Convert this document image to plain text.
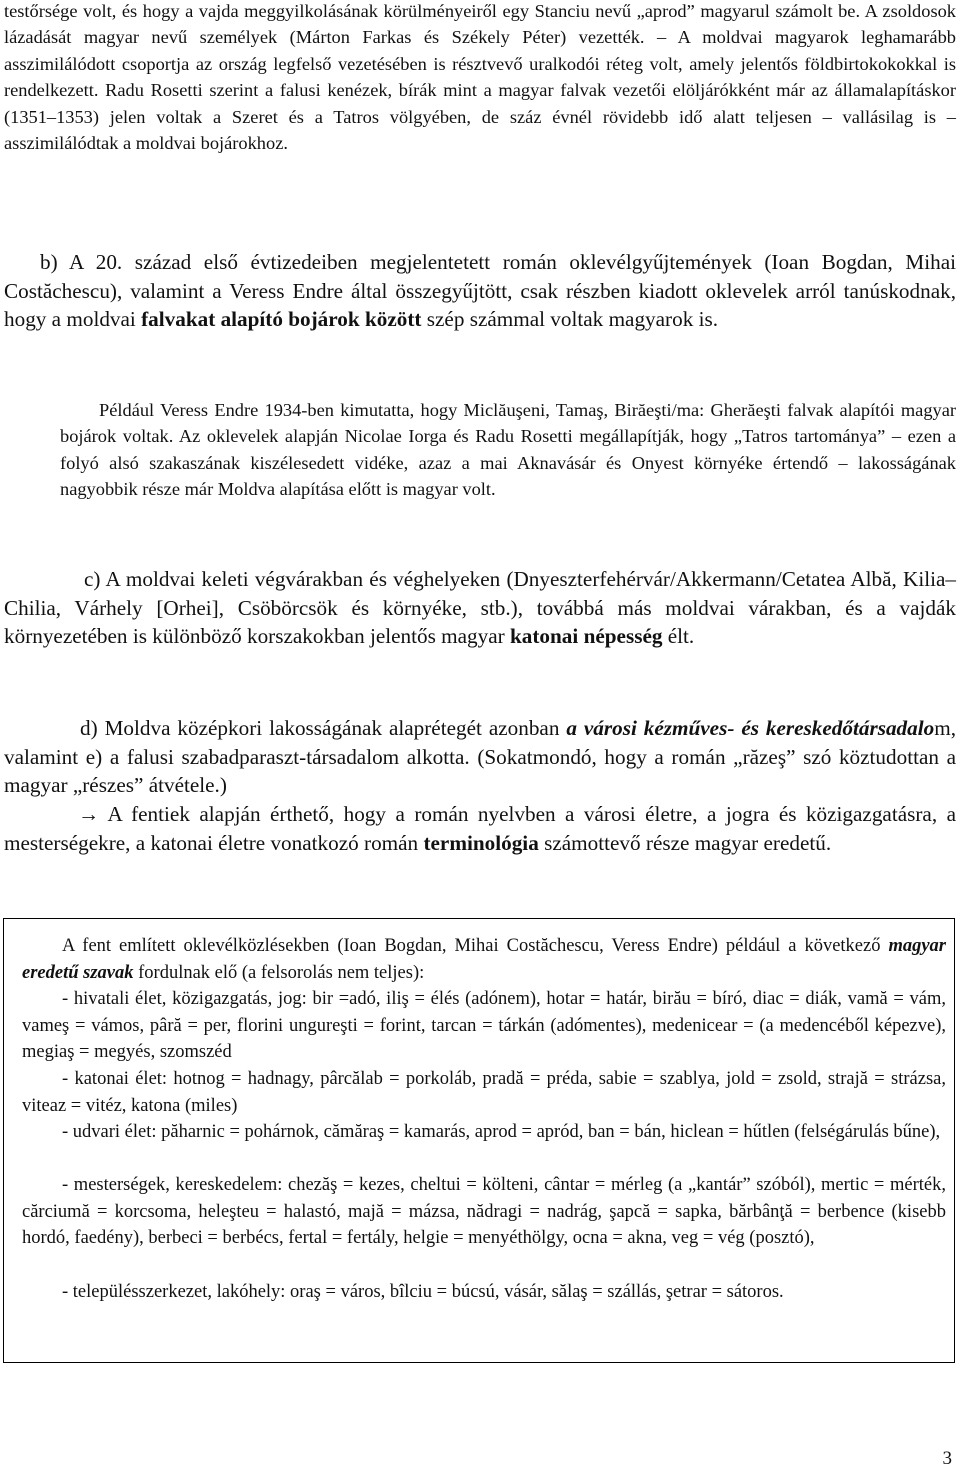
testőrsége volt, és hogy a vajda meggyilkolásának körülményeiről egy Stanciu nevű „aprod” magyarul számolt be. A zsoldosok lázadását magyar nevű személyek (Márton Farkas és Székely Péter) vezették. – A moldvai magyarok leghamarább asszimilálódott csoportja az ország legfelső vezetésében is résztvevő uralkodói réteg volt, amely jelentős földbirtokokokkal is rendelkezett. Radu Rosetti szerint a falusi kenézek, bírák mint a magyar falvak vezetői elöljárókként már az államalapításkor (1351–1353) jelen voltak a Szeret és a Tatros völgyében, de száz évnél rövidebb idő alatt teljesen – vallásilag is – asszimilálódtak a moldvai bojárokhoz.

b) A 20. század első évtizedeiben megjelentetett román oklevélgyűjtemények (Ioan Bogdan, Mihai Costăchescu), valamint a Veress Endre által összegyűjtött, csak részben kiadott oklevelek arról tanúskodnak, hogy a moldvai falvakat alapító bojárok között szép számmal voltak magyarok is.

Például Veress Endre 1934-ben kimutatta, hogy Miclăuşeni, Tamaş, Birăeşti/ma: Gherăeşti falvak alapítói magyar bojárok voltak. Az oklevelek alapján Nicolae Iorga és Radu Rosetti megállapítják, hogy „Tatros tartománya” – ezen a folyó alsó szakaszának kiszélesedett vidéke, azaz a mai Aknavásár és Onyest környéke értendő – lakosságának nagyobbik része már Moldva alapítása előtt is magyar volt.

c) A moldvai keleti végvárakban és véghelyeken (Dnyeszterfehérvár/Akkermann/Cetatea Albă, Kilia–Chilia, Várhely [Orhei], Csöbörcsök és környéke, stb.), továbbá más moldvai várakban, és a vajdák környezetében is különböző korszakokban jelentős magyar katonai népesség élt.

d) Moldva középkori lakosságának alaprétegét azonban a városi kézműves- és kereskedőtársadalom, valamint e) a falusi szabadparaszt-társadalom alkotta. (Sokatmondó, hogy a román „răzeş” szó köztudottan a magyar „részes” átvétele.)

→ A fentiek alapján érthető, hogy a román nyelvben a városi életre, a jogra és közigazgatásra, a mesterségekre, a katonai életre vonatkozó román terminológia számottevő része magyar eredetű.

A fent említett oklevélközlésekben (Ioan Bogdan, Mihai Costăchescu, Veress Endre) például a következő magyar eredetű szavak fordulnak elő (a felsorolás nem teljes):

- hivatali élet, közigazgatás, jog: bir =adó, iliş = élés (adónem), hotar = határ, birău = bíró, diac = diák, vamă = vám, vameş = vámos, pâră = per, florini ungureşti = forint, tarcan = tárkán (adómentes), medenicear = (a medencéből képezve), megiaş = megyés, szomszéd

- katonai élet: hotnog = hadnagy, pârcălab = porkoláb, pradă = préda, sabie = szablya, jold = zsold, strajă = strázsa, viteaz = vitéz, katona (miles)

- udvari élet: păharnic = pohárnok, cămăraş = kamarás, aprod = apród, ban = bán, hiclean = hűtlen (felségárulás bűne),

- mesterségek, kereskedelem: chezăş = kezes, cheltui = költeni, cântar = mérleg (a „kantár” szóból), mertic = mérték, cărciumă = korcsoma, heleşteu = halastó, majă = mázsa, nădragi = nadrág, şapcă = sapka, bărbânţă = berbence (kisebb hordó, faedény), berbeci = berbécs, fertal = fertály, helgie = menyéthölgy, ocna = akna, veg = vég (posztó),

- településszerkezet, lakóhely: oraş = város, bîlciu = búcsú, vásár, sălaş = szállás, şetrar = sátoros.

3
